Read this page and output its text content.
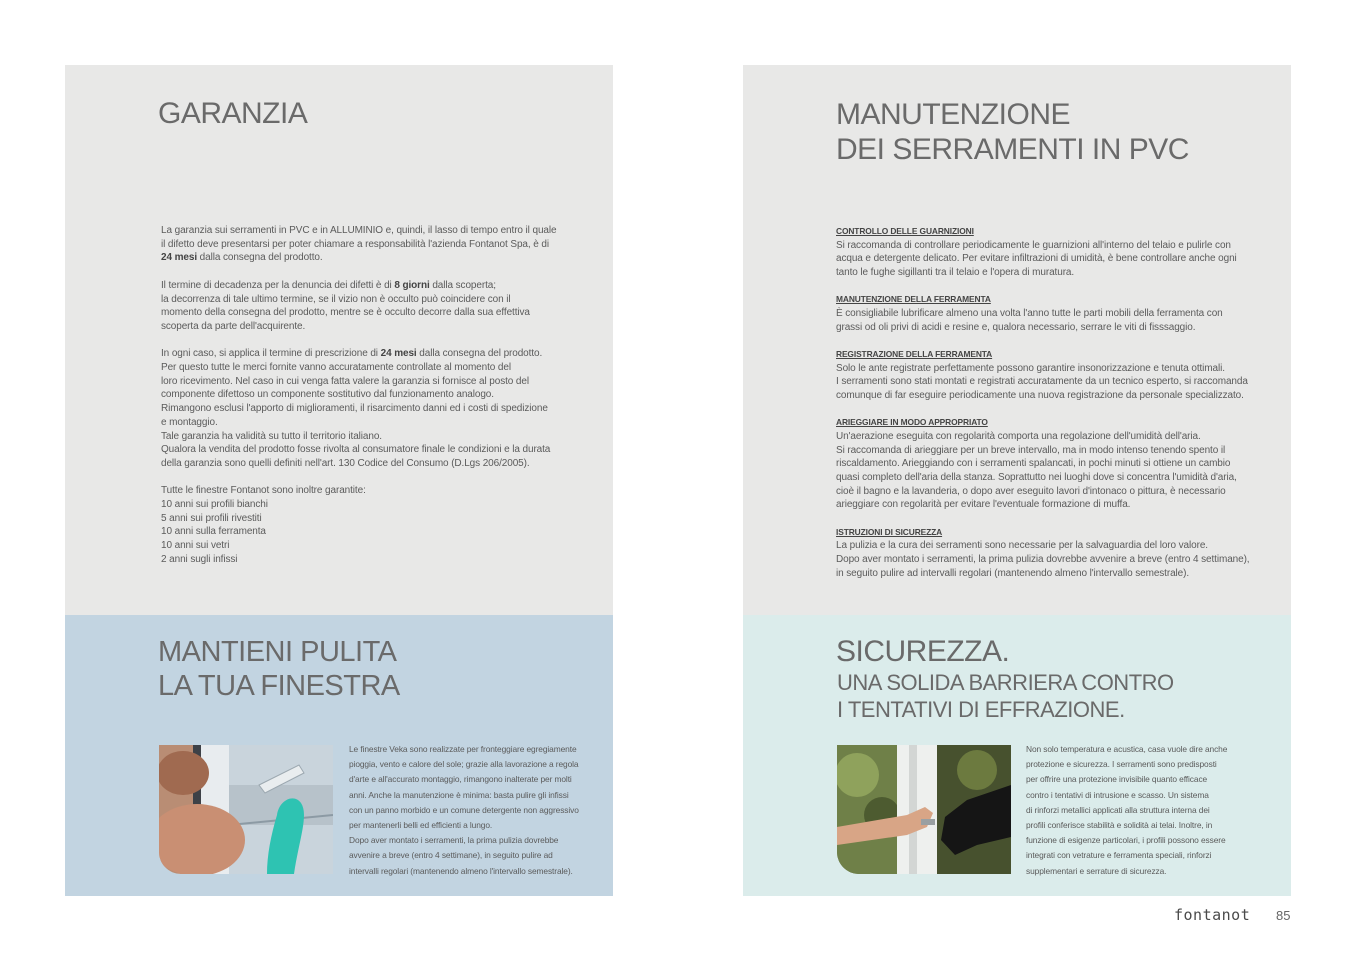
GARANZIA

La garanzia sui serramenti in PVC e in ALLUMINIO e, quindi, il lasso di tempo entro il quale
il difetto deve presentarsi per poter chiamare a responsabilità l'azienda Fontanot Spa, è di
24 mesi dalla consegna del prodotto.

Il termine di decadenza per la denuncia dei difetti è di 8 giorni dalla scoperta;
la decorrenza di tale ultimo termine, se il vizio non è occulto può coincidere con il
momento della consegna del prodotto, mentre se è occulto decorre dalla sua effettiva
scoperta da parte dell'acquirente.

In ogni caso, si applica il termine di prescrizione di 24 mesi dalla consegna del prodotto.
Per questo tutte le merci fornite vanno accuratamente controllate al momento del
loro ricevimento. Nel caso in cui venga fatta valere la garanzia si fornisce al posto del
componente difettoso un componente sostitutivo dal funzionamento analogo.
Rimangono esclusi l'apporto di miglioramenti, il risarcimento danni ed i costi di spedizione
e montaggio.
Tale garanzia ha validità su tutto il territorio italiano.
Qualora la vendita del prodotto fosse rivolta al consumatore finale le condizioni e la durata
della garanzia sono quelli definiti nell'art. 130 Codice del Consumo (D.Lgs 206/2005).

Tutte le finestre Fontanot sono inoltre garantite:
10 anni sui profili bianchi
5 anni sui profili rivestiti
10 anni sulla ferramenta
10 anni sui vetri
2 anni sugli infissi

MANTIENI PULITA
LA TUA FINESTRA
Le finestre Veka sono realizzate per fronteggiare egregiamente
pioggia, vento e calore del sole; grazie alla lavorazione a regola
d'arte e all'accurato montaggio, rimangono inalterate per molti
anni. Anche la manutenzione è minima: basta pulire gli infissi
con un panno morbido e un comune detergente non aggressivo
per mantenerli belli ed efficienti a lungo.
Dopo aver montato i serramenti, la prima pulizia dovrebbe
avvenire a breve (entro 4 settimane), in seguito pulire ad
intervalli regolari (mantenendo almeno l'intervallo semestrale).
MANUTENZIONE
DEI SERRAMENTI IN PVC
CONTROLLO DELLE GUARNIZIONI
Si raccomanda di controllare periodicamente le guarnizioni all'interno del telaio e pulirle con
acqua e detergente delicato. Per evitare infiltrazioni di umidità, è bene controllare anche ogni
tanto le fughe sigillanti tra il telaio e l'opera di muratura.
MANUTENZIONE DELLA FERRAMENTA
È consigliabile lubrificare almeno una volta l'anno tutte le parti mobili della ferramenta con
grassi od oli privi di acidi e resine e, qualora necessario, serrare le viti di fisssaggio.
REGISTRAZIONE DELLA FERRAMENTA
Solo le ante registrate perfettamente possono garantire insonorizzazione e tenuta ottimali.
I serramenti sono stati montati e registrati accuratamente da un tecnico esperto, si raccomanda
comunque di far eseguire periodicamente una nuova registrazione da personale specializzato.
ARIEGGIARE IN MODO APPROPRIATO
Un'aerazione eseguita con regolarità comporta una regolazione dell'umidità dell'aria.
Si raccomanda di arieggiare per un breve intervallo, ma in modo intenso tenendo spento il
riscaldamento. Arieggiando con i serramenti spalancati, in pochi minuti si ottiene un cambio
quasi completo dell'aria della stanza. Soprattutto nei luoghi dove si concentra l'umidità d'aria,
cioè il bagno e la lavanderia, o dopo aver eseguito lavori d'intonaco o pittura, è necessario
arieggiare con regolarità per evitare l'eventuale formazione di muffa.
ISTRUZIONI DI SICUREZZA
La pulizia e la cura dei serramenti sono necessarie per la salvaguardia del loro valore.
Dopo aver montato i serramenti, la prima pulizia dovrebbe avvenire a breve (entro 4 settimane),
in seguito pulire ad intervalli regolari (mantenendo almeno l'intervallo semestrale).
SICUREZZA.
UNA SOLIDA BARRIERA CONTRO
I TENTATIVI DI EFFRAZIONE.
Non solo temperatura e acustica, casa vuole dire anche
protezione e sicurezza. I serramenti sono predisposti
per offrire una protezione invisibile quanto efficace
contro i tentativi di intrusione e scasso. Un sistema
di rinforzi metallici applicati alla struttura interna dei
profili conferisce stabilità e solidità ai telai. Inoltre, in
funzione di esigenze particolari, i profili possono essere
integrati con vetrature e ferramenta speciali, rinforzi
supplementari e serrature di sicurezza.
fontanot 85
